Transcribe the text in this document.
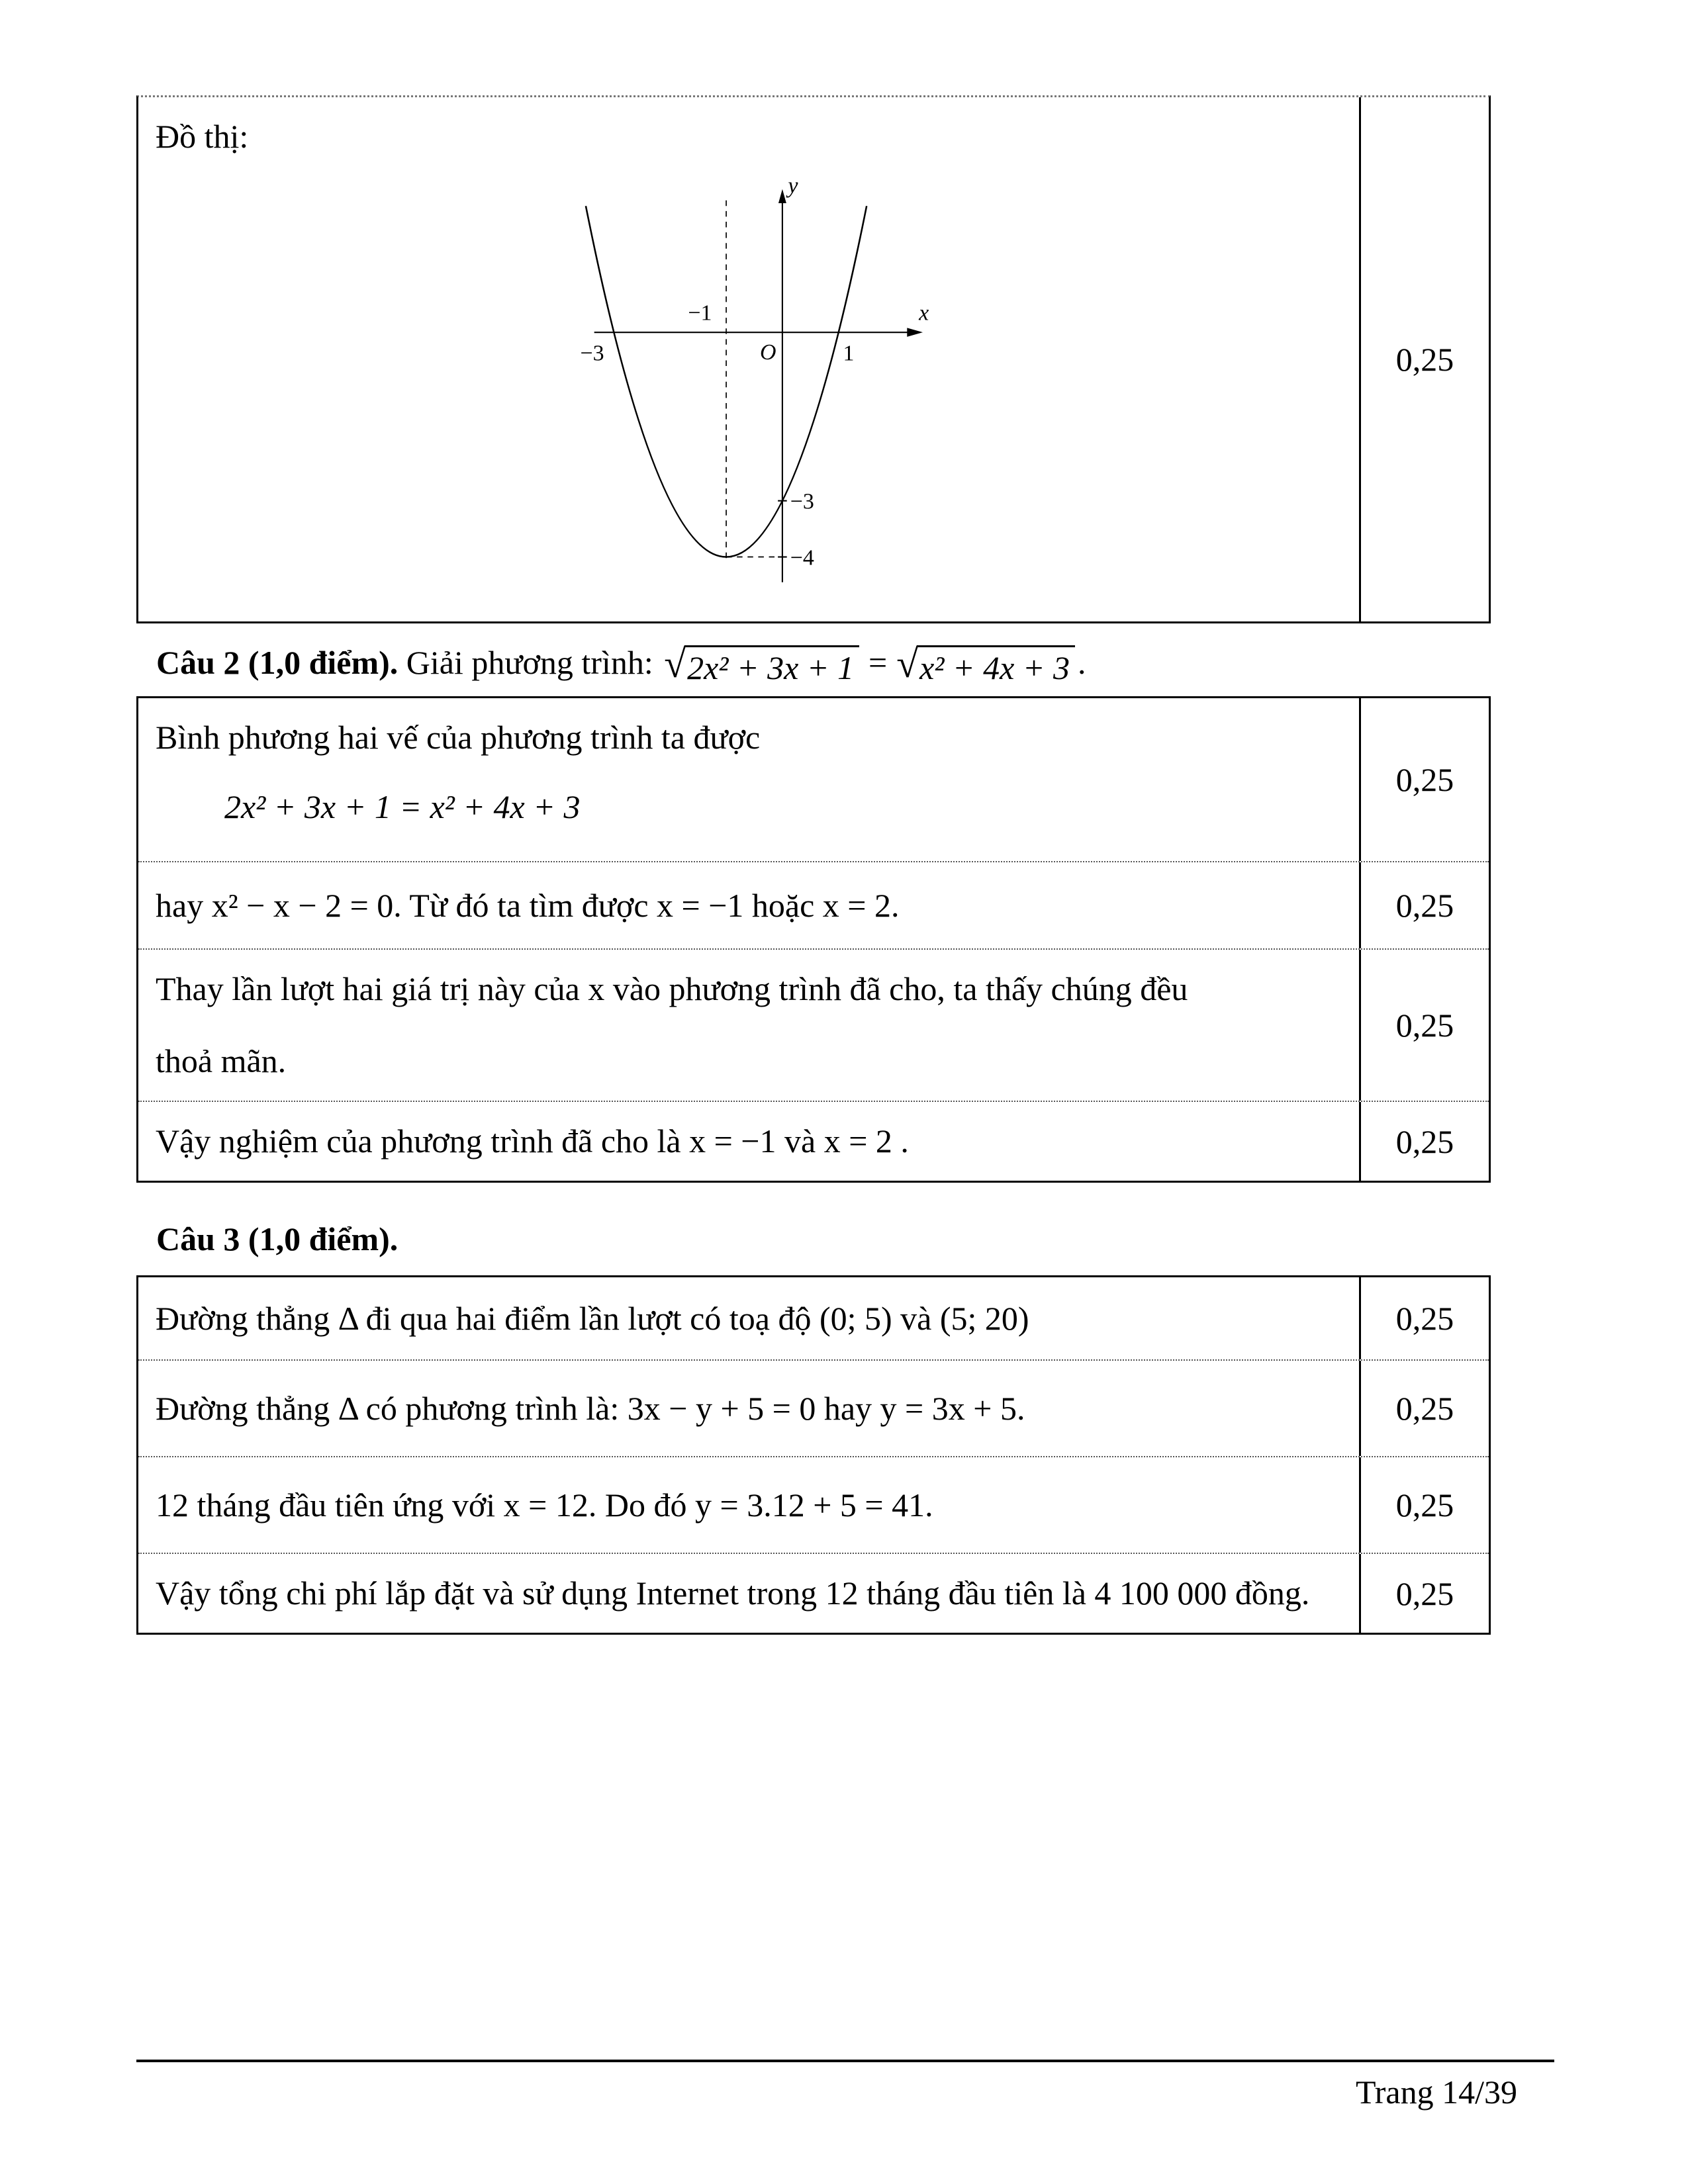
Đồ thị:
y
x
O
−1
−3	1
−3
−4
0,25
Câu 2 (1,0 điểm). Giải phương trình: √ 2x² + 3x + 1 = √ x² + 4x + 3 .
Bình phương hai vế của phương trình ta được
2x² + 3x + 1 = x² + 4x + 3
0,25
hay x² − x − 2 = 0. Từ đó ta tìm được x = −1 hoặc x = 2.	0,25
Thay lần lượt hai giá trị này của x vào phương trình đã cho, ta thấy chúng đều
thoả mãn.
0,25
Vậy nghiệm của phương trình đã cho là x = −1 và x = 2 .	0,25
Câu 3 (1,0 điểm).
Đường thẳng Δ đi qua hai điểm lần lượt có toạ độ (0; 5) và (5; 20)	0,25
Đường thẳng Δ có phương trình là: 3x − y + 5 = 0 hay y = 3x + 5.	0,25
12 tháng đầu tiên ứng với x = 12. Do đó y = 3.12 + 5 = 41.	0,25
Vậy tổng chi phí lắp đặt và sử dụng Internet trong 12 tháng đầu tiên là 4 100 000 đồng.	0,25
Trang 14/39
